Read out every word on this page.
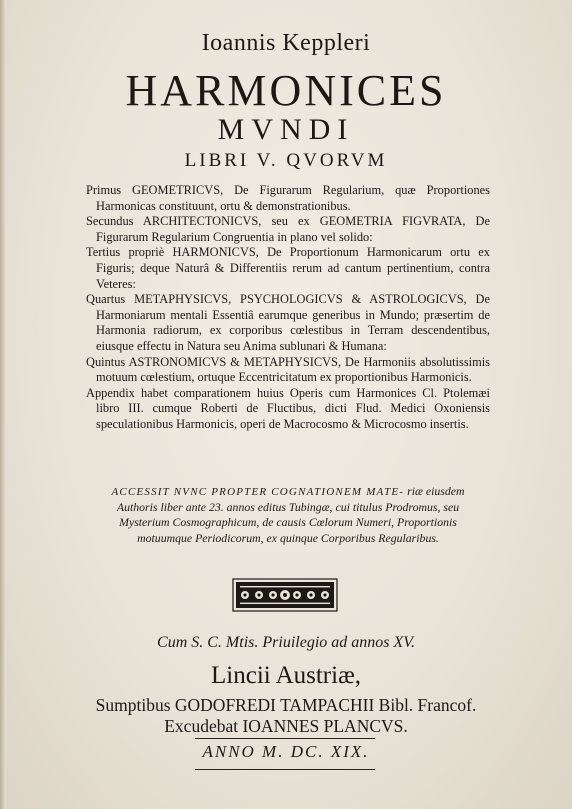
Ioannis Keppleri
HARMONICES
MVNDI
LIBRI V. QVORVM

Primus GEOMETRICVS, De Figurarum Regularium, quæ Proportiones Harmonicas constituunt, ortu & demonstrationibus.

Secundus ARCHITECTONICVS, seu ex GEOMETRIA FIGVRATA, De Figurarum Regularium Congruentia in plano vel solido:

Tertius propriè HARMONICVS, De Proportionum Harmonicarum ortu ex Figuris; deque Naturâ & Differentiis rerum ad cantum pertinentium, contra Veteres:

Quartus METAPHYSICVS, PSYCHOLOGICVS & ASTROLOGICVS, De Harmoniarum mentali Essentiâ earumque generibus in Mundo; præsertim de Harmonia radiorum, ex corporibus cœlestibus in Terram descendentibus, eiusque effectu in Natura seu Anima sublunari & Humana:

Quintus ASTRONOMICVS & METAPHYSICVS, De Harmoniis absolutissimis motuum cœlestium, ortuque Eccentricitatum ex proportionibus Harmonicis.

Appendix habet comparationem huius Operis cum Harmonices Cl. Ptolemæi libro III. cumque Roberti de Fluctibus, dicti Flud. Medici Oxoniensis speculationibus Harmonicis, operi de Macrocosmo & Microcosmo insertis.

ACCESSIT NVNC PROPTER COGNATIONEM MATE- riæ eiusdem Authoris liber ante 23. annos editus Tubingæ, cui titulus Prodromus, seu Mysterium Cosmographicum, de causis Cœlorum Numeri, Proportionis motuumque Periodicorum, ex quinque Corporibus Regularibus.
Cum S. C. Mtis. Priuilegio ad annos XV.
Lincii Austriæ,
Sumptibus GODOFREDI TAMPACHII Bibl. Francof.
Excudebat IOANNES PLANCVS.
ANNO M. DC. XIX.
